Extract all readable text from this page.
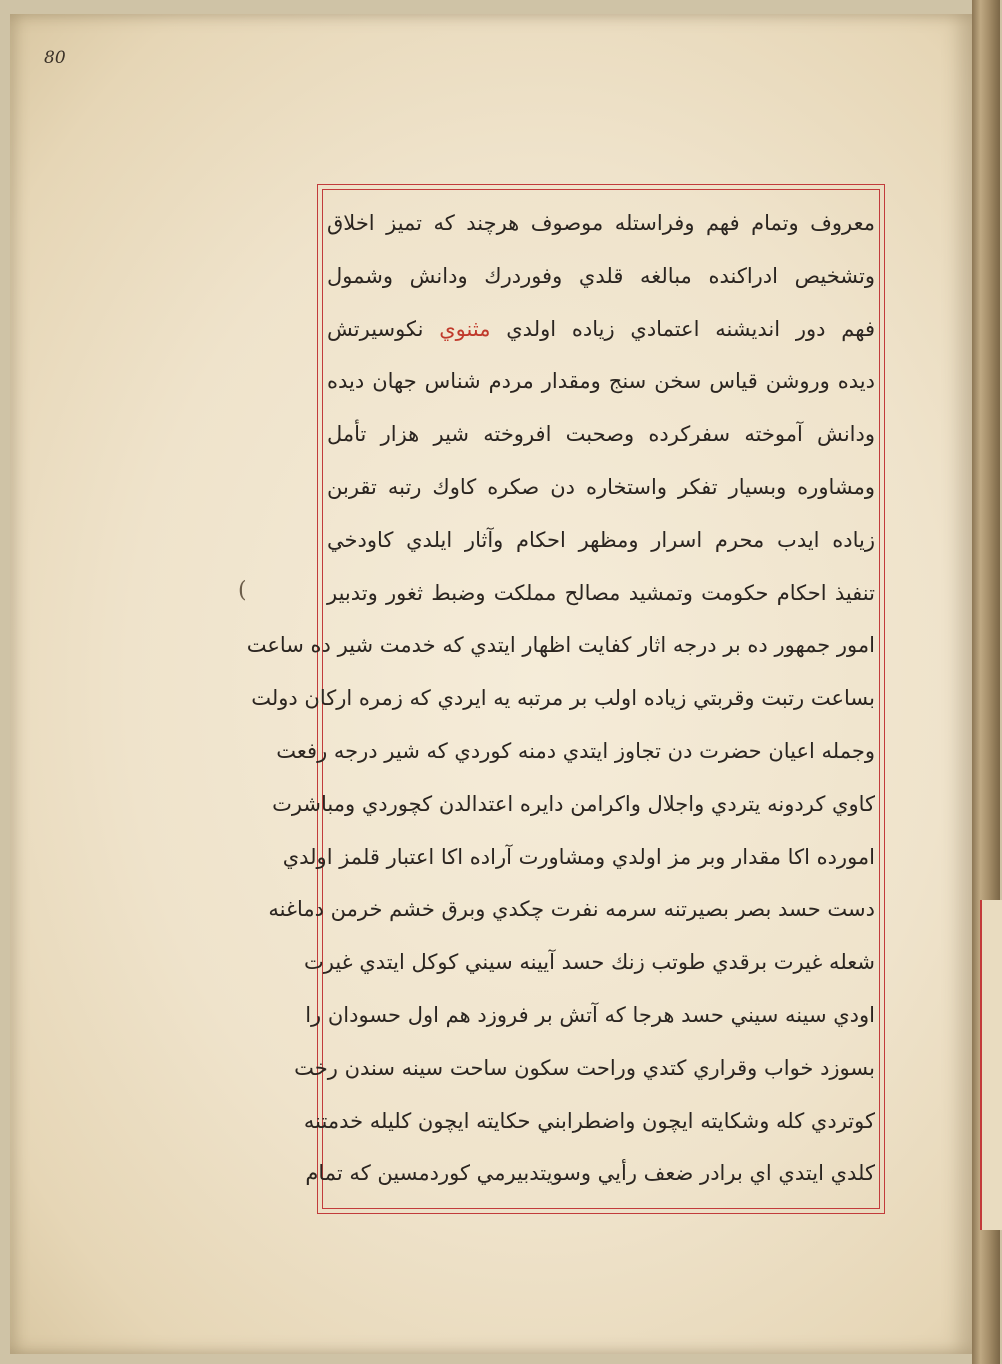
80
(
معروف وتمام فهم وفراستله موصوف هرچند كه تميز اخلاق
وتشخيص ادراكنده مبالغه قلدي وفوردرك ودانش وشمول
فهم دور انديشنه اعتمادي زياده اولدي مثنوي نكوسيرتش
ديده وروشن قياس سخن سنج ومقدار مردم شناس جهان ديده
ودانش آموخته سفركرده وصحبت افروخته شير هزار تأمل
ومشاوره وبسيار تفكر واستخاره دن صكره كاوك رتبه تقربن
زياده ايدب محرم اسرار ومظهر احكام وآثار ايلدي كاودخي
تنفيذ احكام حكومت وتمشيد مصالح مملكت وضبط ثغور وتدبير
امور جمهور ده بر درجه اثار كفايت اظهار ايتدي كه خدمت شير ده ساعت
بساعت رتبت وقربتي زياده اولب بر مرتبه يه ايردي كه زمره اركان دولت
وجمله اعيان حضرت دن تجاوز ايتدي دمنه كوردي كه شير درجه رفعت
كاوي كردونه يتردي واجلال واكرامن دايره اعتدالدن كچوردي ومباشرت
امورده اكا مقدار وبر مز اولدي ومشاورت آراده اكا اعتبار قلمز اولدي
دست حسد بصر بصيرتنه سرمه نفرت چكدي وبرق خشم خرمن دماغنه
شعله غيرت برقدي طوتب زنك حسد آيينه سيني كوكل ايتدي غيرت
اودي سينه سيني حسد هرجا كه آتش بر فروزد هم اول حسودان را
بسوزد خواب وقراري كتدي وراحت سكون ساحت سينه سندن رخت
كوتردي كله وشكايته ايچون واضطرابني حكايته ايچون كليله خدمتنه
كلدي ايتدي اي برادر ضعف رأيي وسويتدبيرمي كوردمسين كه تمام
